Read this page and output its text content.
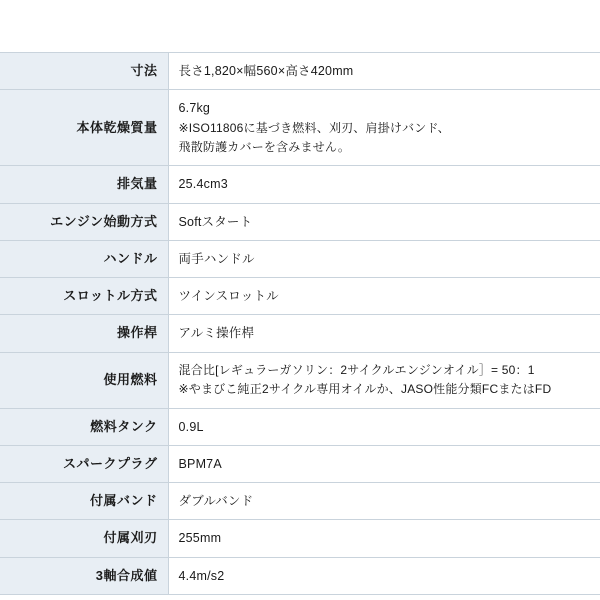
寸法	長さ1,820×幅560×高さ420mm

本体乾燥質量	6.7kg
※ISO11806に基づき燃料、刈刃、肩掛けバンド、
飛散防護カバーを含みません。

排気量	25.4cm3

エンジン始動方式	Softスタート

ハンドル	両手ハンドル

スロットル方式	ツインスロットル

操作桿	アルミ操作桿

使用燃料	混合比[レギュラーガソリン：2サイクルエンジンオイル］= 50：1
※やまびこ純正2サイクル専用オイルか、JASO性能分類FCまたはFD

燃料タンク	0.9L

スパークプラグ	BPM7A

付属バンド	ダブルバンド

付属刈刃	255mm

3軸合成値	4.4m/s2
